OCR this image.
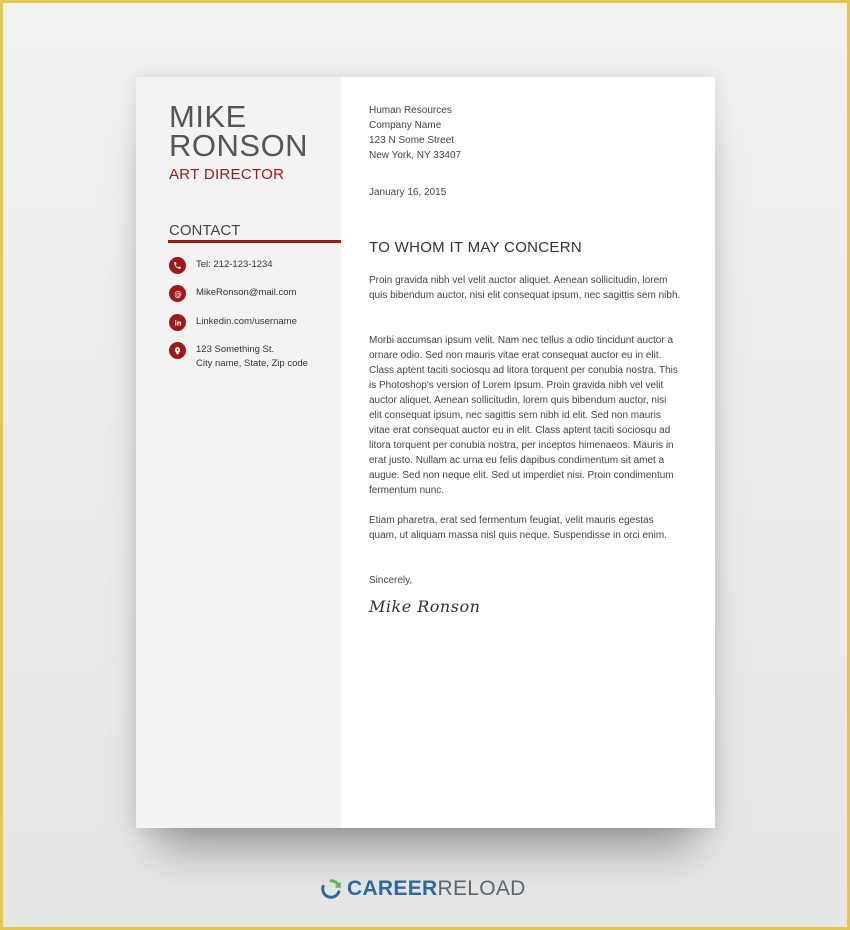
MIKE
RONSON
ART DIRECTOR
CONTACT
Tel: 212-123-1234
@ MikeRonson@mail.com
in Linkedin.com/username
123 Something St.
City name, State, Zip code
Human Resources
Company Name
123 N Some Street
New York, NY 33407
January 16, 2015
TO WHOM IT MAY CONCERN

Proin gravida nibh vel velit auctor aliquet. Aenean sollicitudin, lorem quis bibendum auctor, nisi elit consequat ipsum, nec sagittis sem nibh.

Morbi accumsan ipsum velit. Nam nec tellus a odio tincidunt auctor a ornare odio. Sed non mauris vitae erat consequat auctor eu in elit. Class aptent taciti sociosqu ad litora torquent per conubia nostra. This is Photoshop's version of Lorem Ipsum. Proin gravida nibh vel velit auctor aliquet. Aenean sollicitudin, lorem quis bibendum auctor, nisi elit consequat ipsum, nec sagittis sem nibh id elit. Sed non mauris vitae erat consequat auctor eu in elit. Class aptent taciti sociosqu ad litora torquent per conubia nostra, per inceptos himenaeos. Mauris in erat justo. Nullam ac urna eu felis dapibus condimentum sit amet a augue. Sed non neque elit. Sed ut imperdiet nisi. Proin condimentum fermentum nunc.

Etiam pharetra, erat sed fermentum feugiat, velit mauris egestas quam, ut aliquam massa nisl quis neque. Suspendisse in orci enim.

Sincerely,
Mike Ronson
CAREERRELOAD
